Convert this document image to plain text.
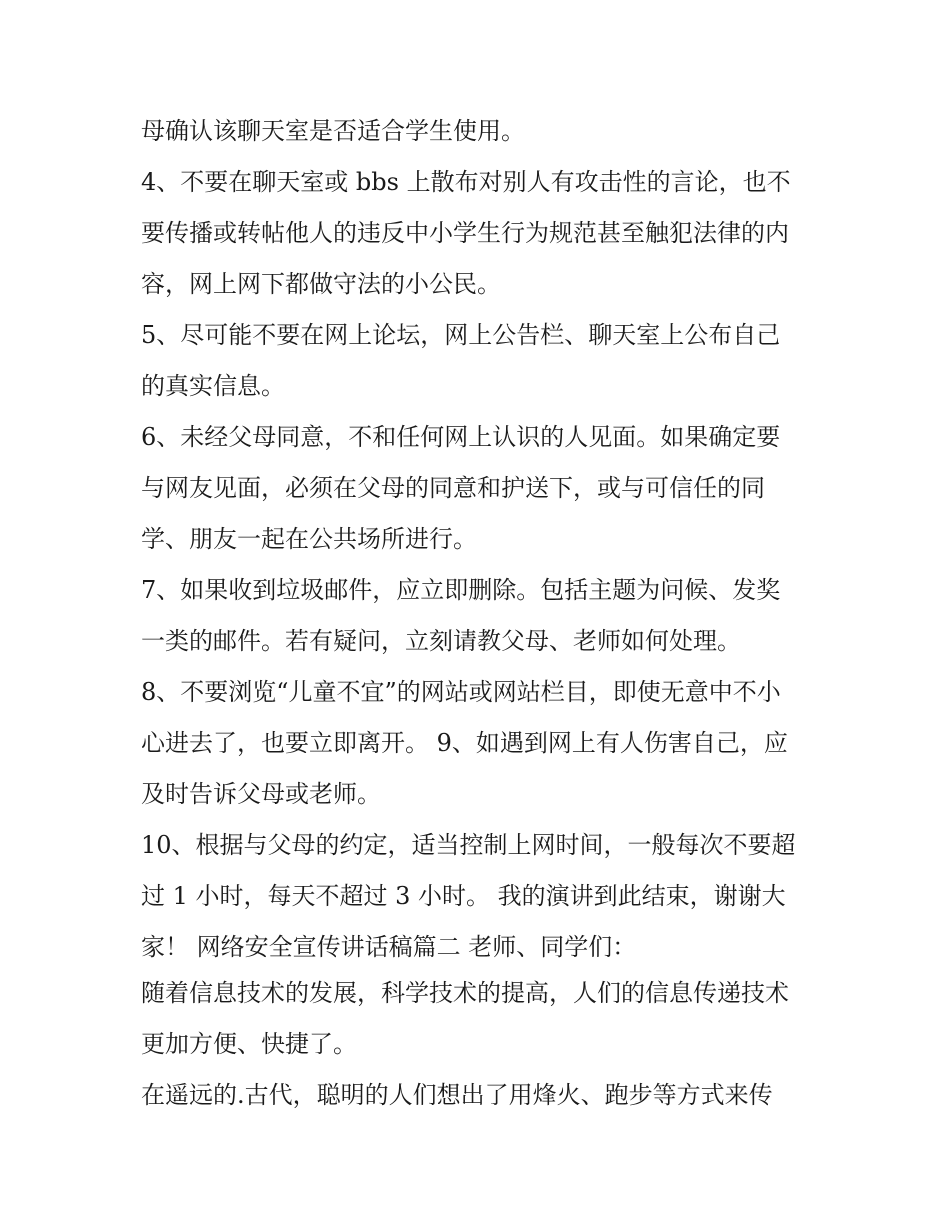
母确认该聊天室是否适合学生使用。
4、不要在聊天室或 bbs 上散布对别人有攻击性的言论，也不
要传播或转帖他人的违反中小学生行为规范甚至触犯法律的内
容，网上网下都做守法的小公民。
5、尽可能不要在网上论坛，网上公告栏、聊天室上公布自己
的真实信息。
6、未经父母同意，不和任何网上认识的人见面。如果确定要
与网友见面，必须在父母的同意和护送下，或与可信任的同
学、朋友一起在公共场所进行。
7、如果收到垃圾邮件，应立即删除。包括主题为问候、发奖
一类的邮件。若有疑问，立刻请教父母、老师如何处理。
8、不要浏览“儿童不宜”的网站或网站栏目，即使无意中不小
心进去了，也要立即离开。 9、如遇到网上有人伤害自己，应
及时告诉父母或老师。
10、根据与父母的约定，适当控制上网时间，一般每次不要超
过 1 小时，每天不超过 3 小时。 我的演讲到此结束，谢谢大
家！ 网络安全宣传讲话稿篇二 老师、同学们：
随着信息技术的发展，科学技术的提高，人们的信息传递技术
更加方便、快捷了。
在遥远的.古代，聪明的人们想出了用烽火、跑步等方式来传
